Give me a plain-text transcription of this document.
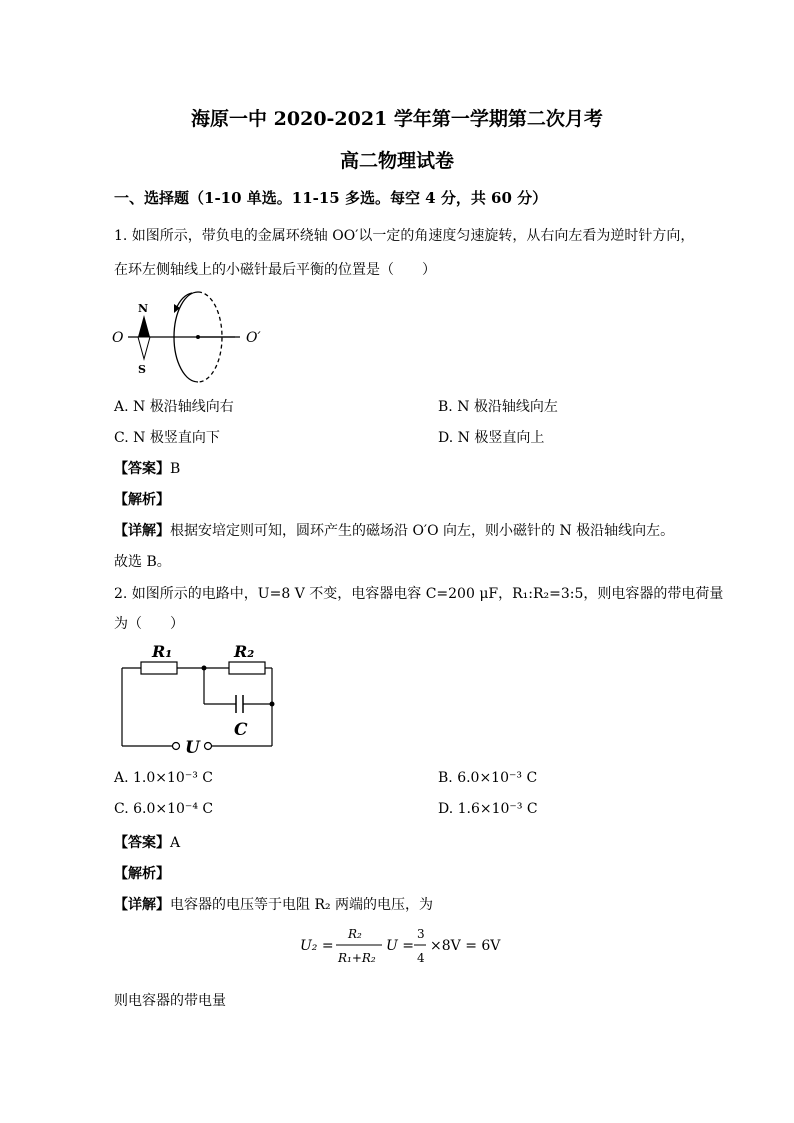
海原一中 2020-2021 学年第一学期第二次月考
高二物理试卷
一、选择题（1-10 单选。11-15 多选。每空 4 分，共 60 分）
1. 如图所示，带负电的金属环绕轴 OO′以一定的角速度匀速旋转，从右向左看为逆时针方向，
在环左侧轴线上的小磁针最后平衡的位置是（　　）
N
S
O	O′
A. N 极沿轴线向右	B. N 极沿轴线向左
C. N 极竖直向下	D. N 极竖直向上
【答案】B
【解析】
【详解】根据安培定则可知，圆环产生的磁场沿 O′O 向左，则小磁针的 N 极沿轴线向左。
故选 B。
2. 如图所示的电路中，U=8 V 不变，电容器电容 C=200 μF，R₁:R₂=3:5，则电容器的带电荷量
为（　　）
R₁	R₂
C
U
A. 1.0×10⁻³ C	B. 6.0×10⁻³ C
C. 6.0×10⁻⁴ C	D. 1.6×10⁻³ C
【答案】A
【解析】
【详解】电容器的电压等于电阻 R₂ 两端的电压，为
U₂ =
R₂
R₁+R₂
U =
3
4
×8V = 6V
则电容器的带电量
